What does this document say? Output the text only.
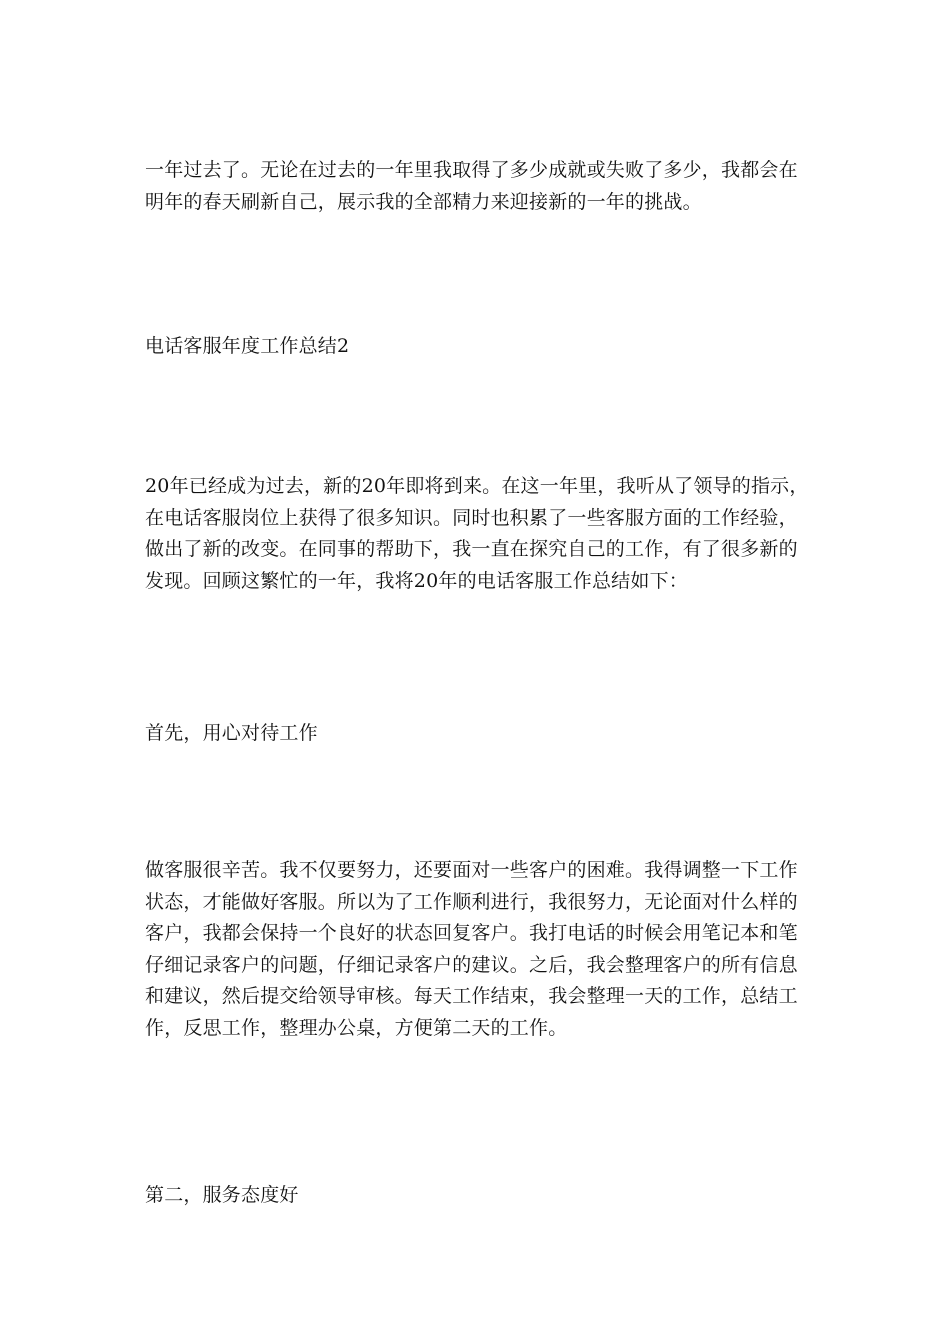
一年过去了。无论在过去的一年里我取得了多少成就或失败了多少，我都会在
明年的春天刷新自己，展示我的全部精力来迎接新的一年的挑战。

电话客服年度工作总结2

20年已经成为过去，新的20年即将到来。在这一年里，我听从了领导的指示，
在电话客服岗位上获得了很多知识。同时也积累了一些客服方面的工作经验，
做出了新的改变。在同事的帮助下，我一直在探究自己的工作，有了很多新的
发现。回顾这繁忙的一年，我将20年的电话客服工作总结如下：

首先，用心对待工作

做客服很辛苦。我不仅要努力，还要面对一些客户的困难。我得调整一下工作
状态，才能做好客服。所以为了工作顺利进行，我很努力，无论面对什么样的
客户，我都会保持一个良好的状态回复客户。我打电话的时候会用笔记本和笔
仔细记录客户的问题，仔细记录客户的建议。之后，我会整理客户的所有信息
和建议，然后提交给领导审核。每天工作结束，我会整理一天的工作，总结工
作，反思工作，整理办公桌，方便第二天的工作。

第二，服务态度好
